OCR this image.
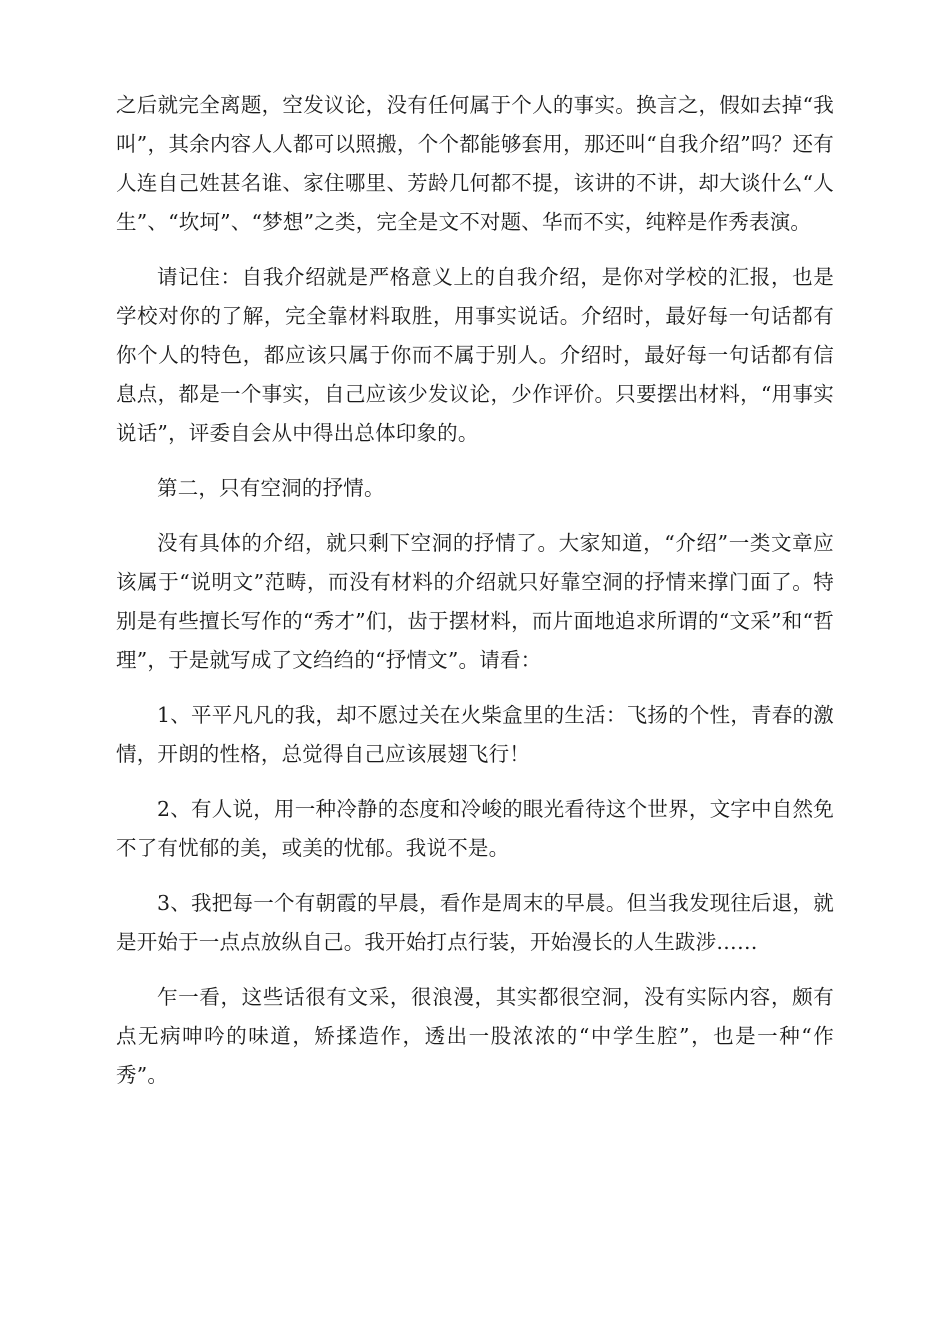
之后就完全离题，空发议论，没有任何属于个人的事实。换言之，假如去掉“我叫”，其余内容人人都可以照搬，个个都能够套用，那还叫“自我介绍”吗？还有人连自己姓甚名谁、家住哪里、芳龄几何都不提，该讲的不讲，却大谈什么“人生”、“坎坷”、“梦想”之类，完全是文不对题、华而不实，纯粹是作秀表演。

请记住：自我介绍就是严格意义上的自我介绍，是你对学校的汇报，也是学校对你的了解，完全靠材料取胜，用事实说话。介绍时，最好每一句话都有你个人的特色，都应该只属于你而不属于别人。介绍时，最好每一句话都有信息点，都是一个事实，自己应该少发议论，少作评价。只要摆出材料，“用事实说话”，评委自会从中得出总体印象的。

第二，只有空洞的抒情。

没有具体的介绍，就只剩下空洞的抒情了。大家知道，“介绍”一类文章应该属于“说明文”范畴，而没有材料的介绍就只好靠空洞的抒情来撑门面了。特别是有些擅长写作的“秀才”们，齿于摆材料，而片面地追求所谓的“文采”和“哲理”，于是就写成了文绉绉的“抒情文”。请看：

1、平平凡凡的我，却不愿过关在火柴盒里的生活：飞扬的个性，青春的激情，开朗的性格，总觉得自己应该展翅飞行！

2、有人说，用一种冷静的态度和冷峻的眼光看待这个世界，文字中自然免不了有忧郁的美，或美的忧郁。我说不是。

3、我把每一个有朝霞的早晨，看作是周末的早晨。但当我发现往后退，就是开始于一点点放纵自己。我开始打点行装，开始漫长的人生跋涉……

乍一看，这些话很有文采，很浪漫，其实都很空洞，没有实际内容，颇有点无病呻吟的味道，矫揉造作，透出一股浓浓的“中学生腔”，也是一种“作秀”。
